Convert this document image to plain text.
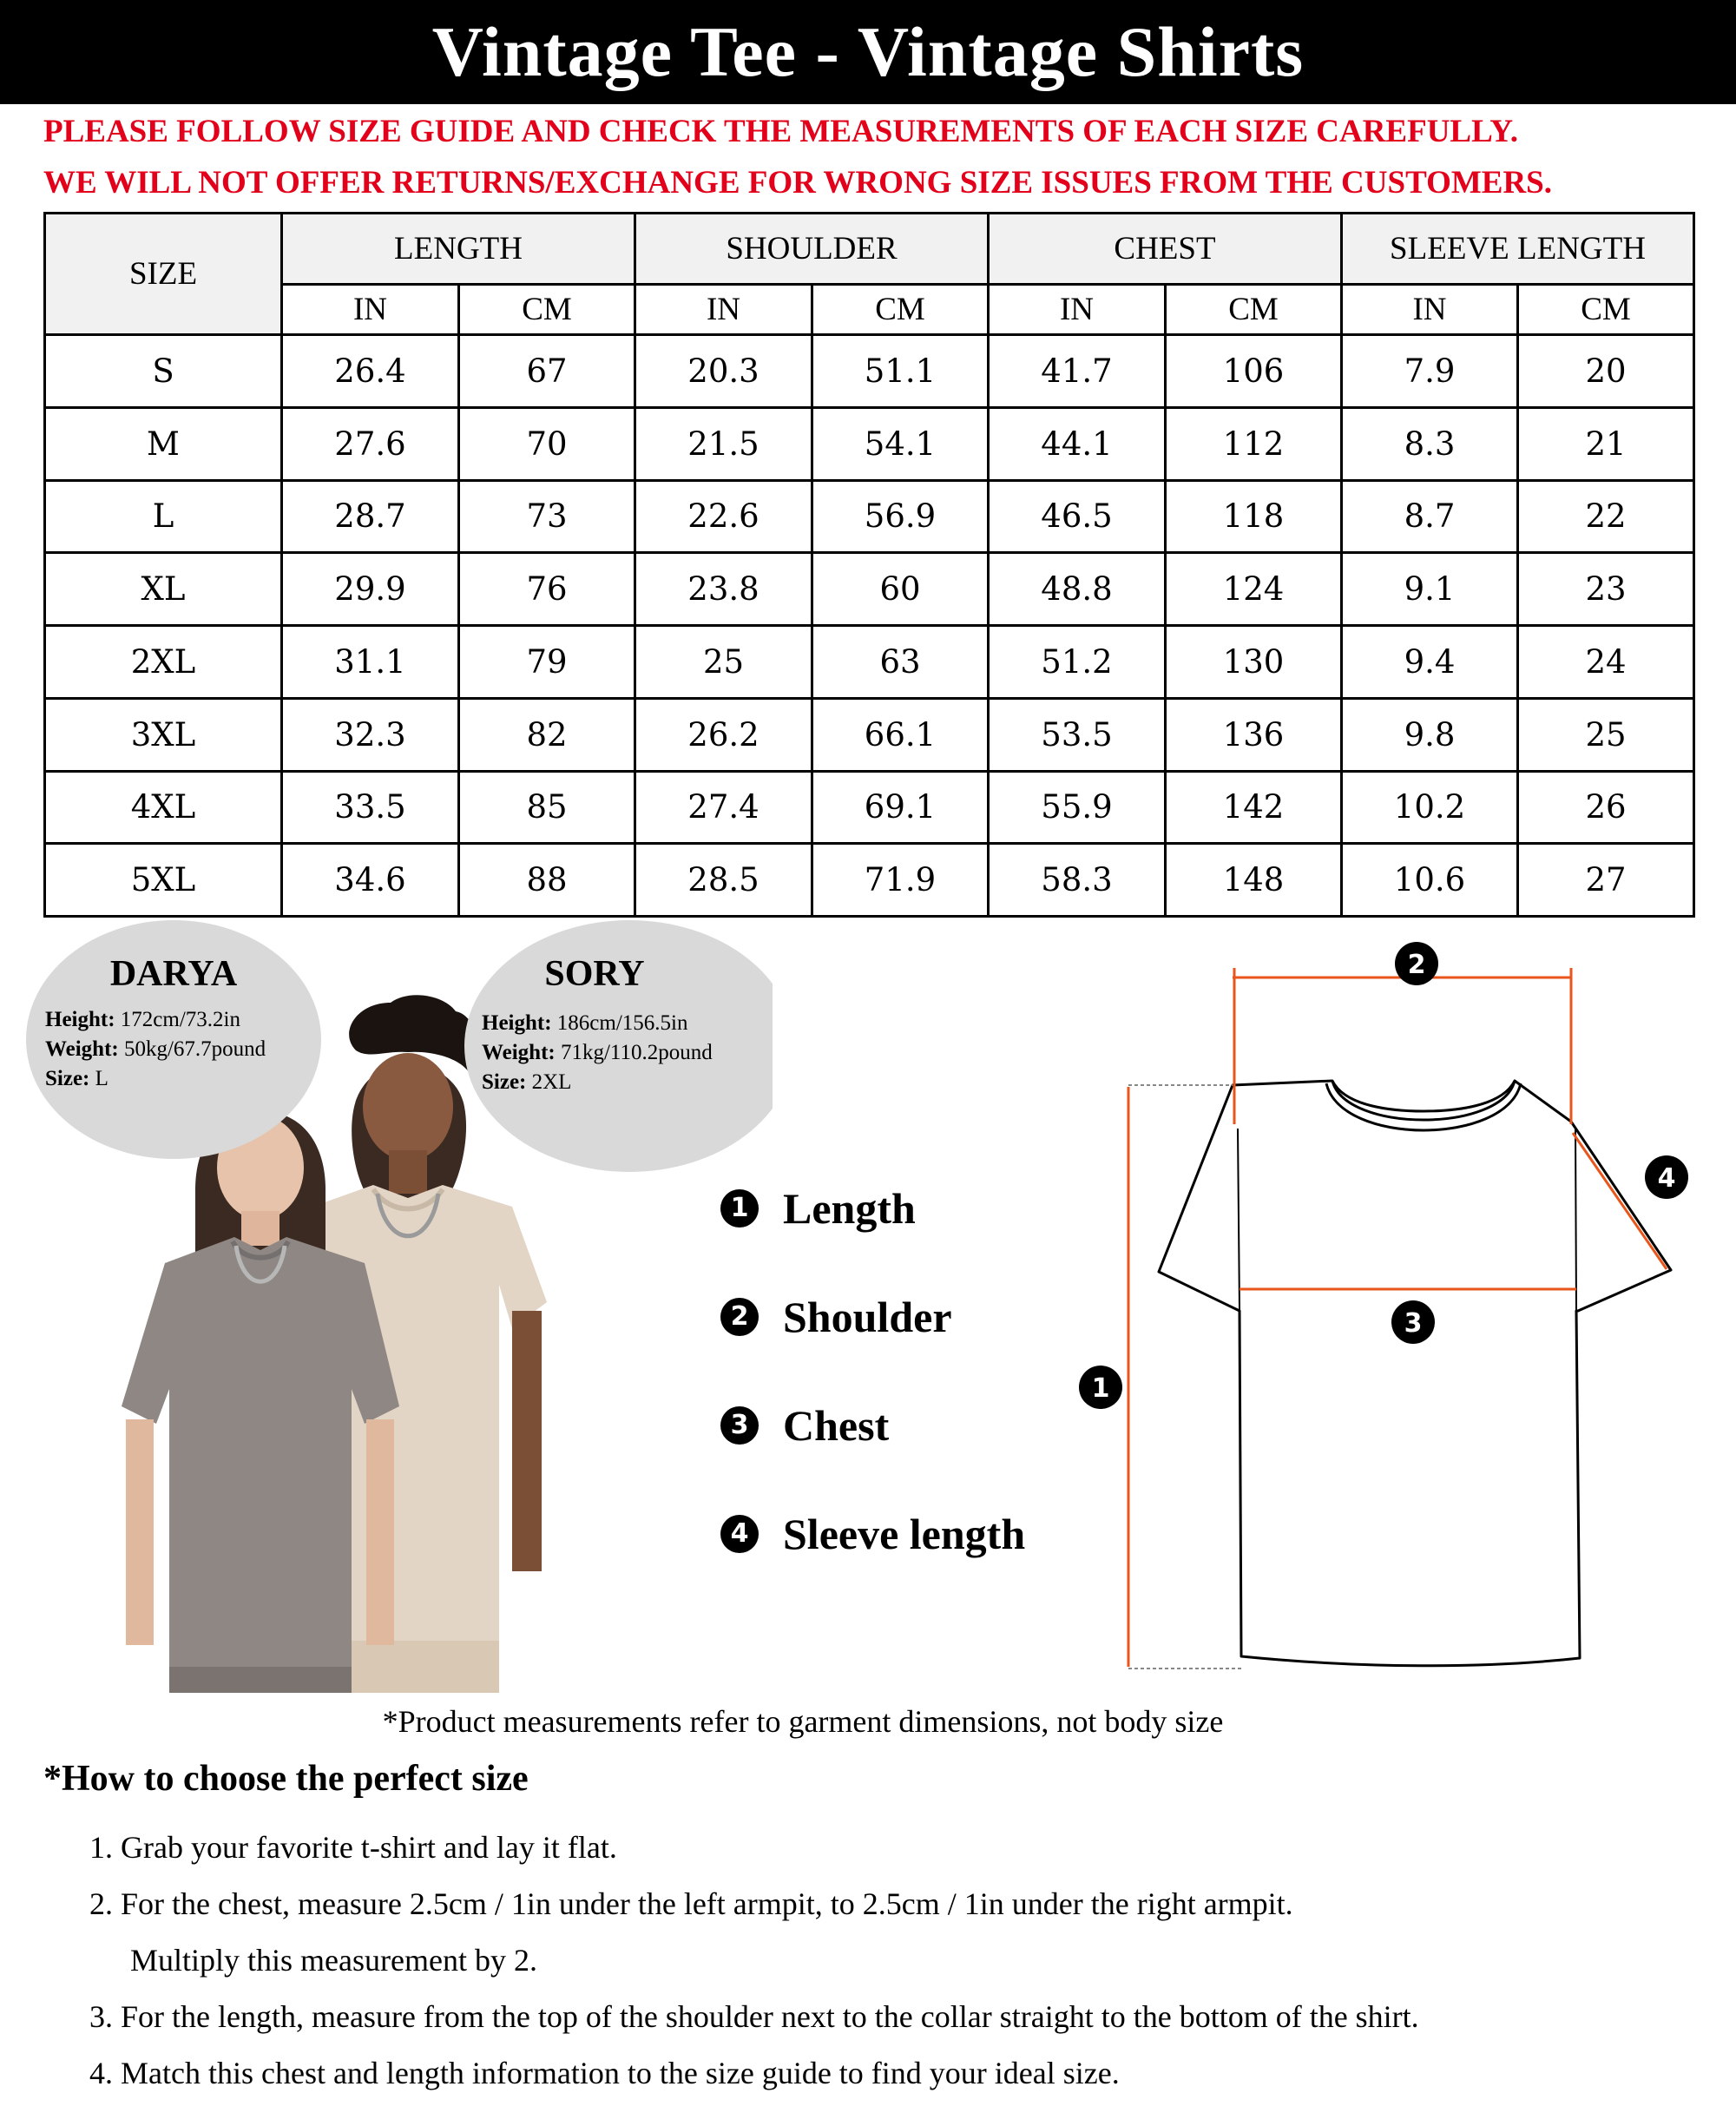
Vintage Tee - Vintage Shirts
PLEASE FOLLOW SIZE GUIDE AND CHECK THE MEASUREMENTS OF EACH SIZE CAREFULLY.
WE WILL NOT OFFER RETURNS/EXCHANGE FOR WRONG SIZE ISSUES FROM THE CUSTOMERS.
SIZE	LENGTH		SHOULDER		CHEST		SLEEVE LENGTH	
	IN	CM	IN	CM	IN	CM	IN	CM
S	26.4	67	20.3	51.1	41.7	106	7.9	20
M	27.6	70	21.5	54.1	44.1	112	8.3	21
L	28.7	73	22.6	56.9	46.5	118	8.7	22
XL	29.9	76	23.8	60	48.8	124	9.1	23
2XL	31.1	79	25	63	51.2	130	9.4	24
3XL	32.3	82	26.2	66.1	53.5	136	9.8	25
4XL	33.5	85	27.4	69.1	55.9	142	10.2	26
5XL	34.6	88	28.5	71.9	58.3	148	10.6	27
DARYA
Height: 172cm/73.2in
Weight: 50kg/67.7pound
Size: L
SORY
Height: 186cm/156.5in
Weight: 71kg/110.2pound
Size: 2XL
1 Length
2 Shoulder
3 Chest
4 Sleeve length
2
4
3
1
*Product measurements refer to garment dimensions, not body size
*How to choose the perfect size
1. Grab your favorite t-shirt and lay it flat.
2. For the chest, measure 2.5cm / 1in under the left armpit, to 2.5cm / 1in under the right armpit.
Multiply this measurement by 2.
3. For the length, measure from the top of the shoulder next to the collar straight to the bottom of the shirt.
4. Match this chest and length information to the size guide to find your ideal size.
